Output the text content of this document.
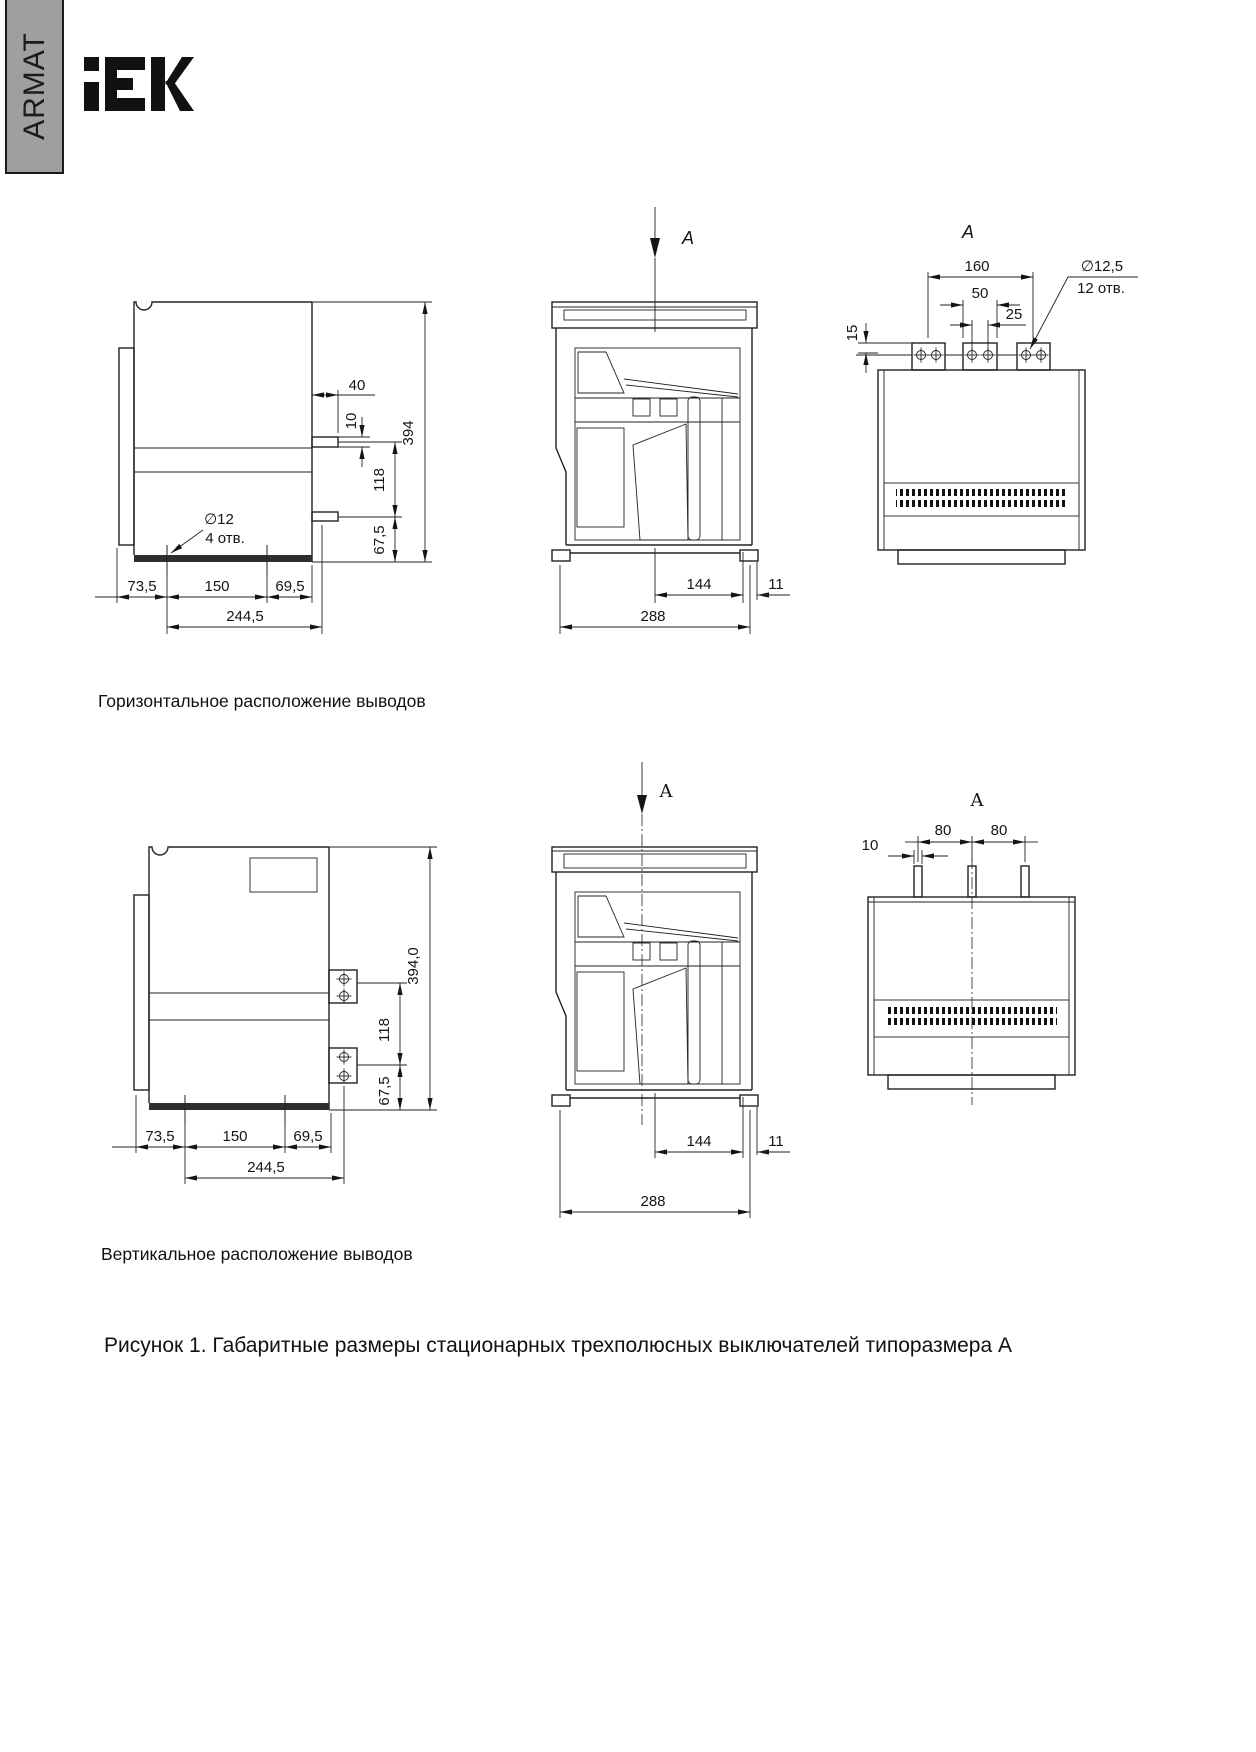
ARMAT
40
10
118
67,5
394
∅12
4 отв.
73,5	150	69,5
244,5
A
144	11
288
A
160
50
25
15
∅12,5
12 отв.
Горизонтальное расположение выводов
394,0
118
67,5
73,5	150	69,5
244,5
A
144	11
288
A
80	80
10
Вертикальное расположение выводов
Рисунок 1. Габаритные размеры стационарных трехполюсных выключателей типоразмера А
